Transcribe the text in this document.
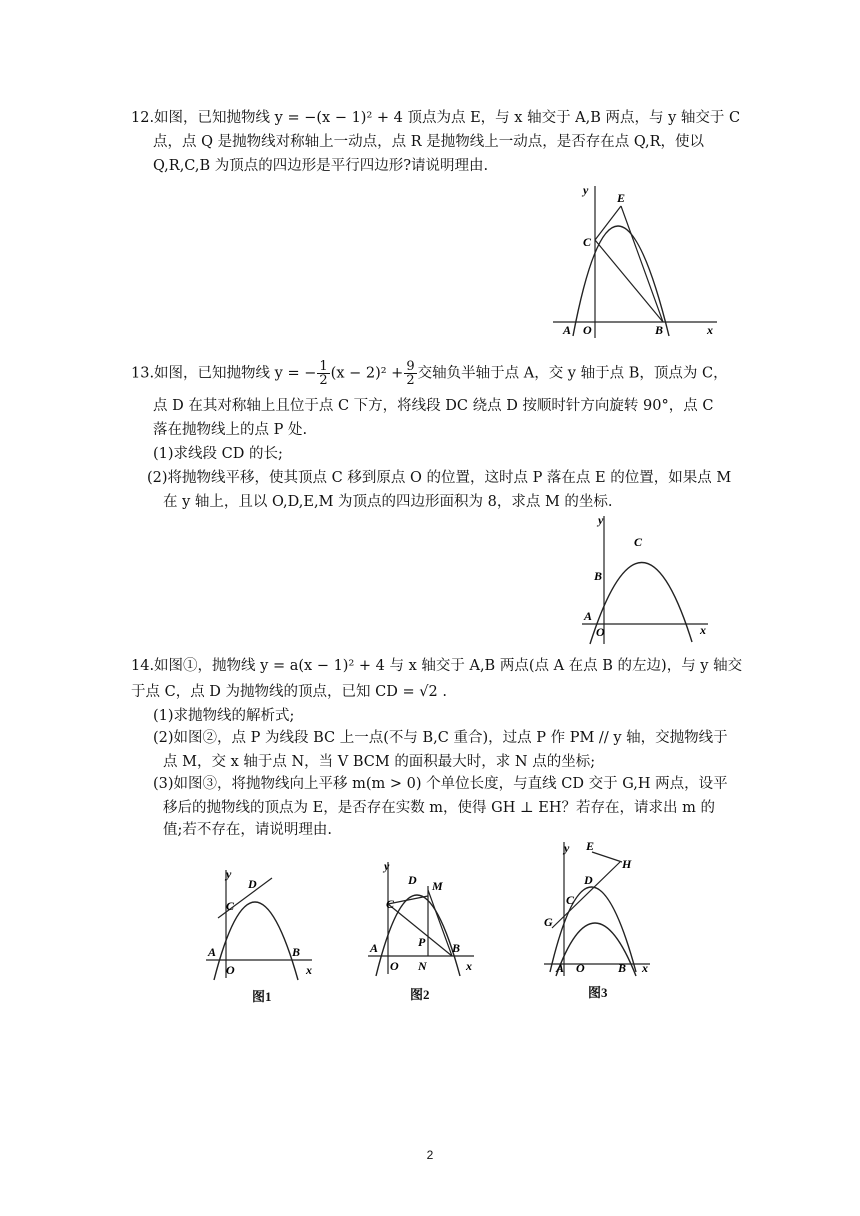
12.如图，已知抛物线 y = −(x − 1)² + 4 顶点为点 E，与 x 轴交于 A,B 两点，与 y 轴交于 C
点，点 Q 是抛物线对称轴上一动点，点 R 是抛物线上一动点，是否存在点 Q,R，使以
Q,R,C,B 为顶点的四边形是平行四边形?请说明理由.
y
E
C
A O	B	x
13.如图，已知抛物线 y = − $\frac{1}{2} (x - 2)^2 + \frac{9}{2}$ 交轴负半轴于点 A，交 y 轴于点 B，顶点为 C，
点 D 在其对称轴上且位于点 C 下方，将线段 DC 绕点 D 按顺时针方向旋转 90°，点 C
落在抛物线上的点 P 处.
(1)求线段 CD 的长;
(2)将抛物线平移，使其顶点 C 移到原点 O 的位置，这时点 P 落在点 E 的位置，如果点 M
在 y 轴上，且以 O,D,E,M 为顶点的四边形面积为 8，求点 M 的坐标.
y
C
B
A
O	x
14.如图①，抛物线 y = a(x − 1)² + 4 与 x 轴交于 A,B 两点(点 A 在点 B 的左边)，与 y 轴交
于点 C，点 D 为抛物线的顶点，已知 CD = √2 .
(1)求抛物线的解析式;
(2)如图②，点 P 为线段 BC 上一点(不与 B,C 重合)，过点 P 作 PM // y 轴，交抛物线于
点 M，交 x 轴于点 N，当 V BCM 的面积最大时，求 N 点的坐标;
(3)如图③，将抛物线向上平移 m(m > 0) 个单位长度，与直线 CD 交于 G,H 两点，设平
移后的抛物线的顶点为 E，是否存在实数 m，使得 GH ⊥ EH？若存在，请求出 m 的
值;若不存在，请说明理由.
y
D
C
A
O
B
x
图1
y
D M
C
P
A
O N
B
x
图2
y E
H
D
C
G
A O	B x
图3
2
